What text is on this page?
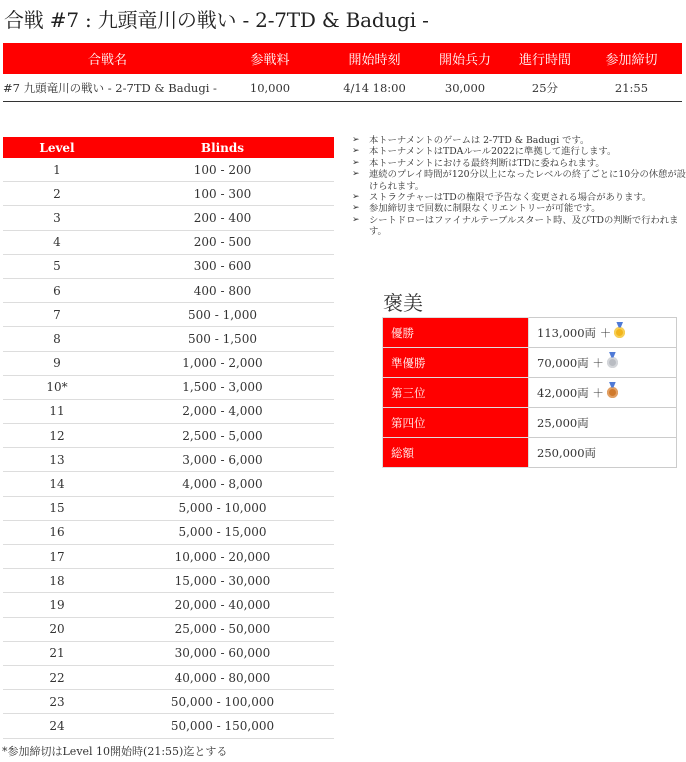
合戦 #7 : 九頭竜川の戦い - 2-7TD & Badugi -
合戦名	参戦料	開始時刻	開始兵力	進行時間	参加締切
#7 九頭竜川の戦い - 2-7TD & Badugi -	10,000	4/14 18:00	30,000	25分	21:55
Level	Blinds
1	100 - 200
2	100 - 300
3	200 - 400
4	200 - 500
5	300 - 600
6	400 - 800
7	500 - 1,000
8	500 - 1,500
9	1,000 - 2,000
10*	1,500 - 3,000
11	2,000 - 4,000
12	2,500 - 5,000
13	3,000 - 6,000
14	4,000 - 8,000
15	5,000 - 10,000
16	5,000 - 15,000
17	10,000 - 20,000
18	15,000 - 30,000
19	20,000 - 40,000
20	25,000 - 50,000
21	30,000 - 60,000
22	40,000 - 80,000
23	50,000 - 100,000
24	50,000 - 150,000
*参加締切はLevel 10開始時(21:55)迄とする
➢ 本トーナメントのゲームは 2-7TD & Badugi です。
➢ 本トーナメントはTDAルール2022に準拠して進行します。
➢ 本トーナメントにおける最終判断はTDに委ねられます。
➢ 連続のプレイ時間が120分以上になったレベルの終了ごとに10分の休憩が設けられます。
➢ ストラクチャーはTDの権限で予告なく変更される場合があります。
➢ 参加締切まで回数に制限なくリエントリーが可能です。
➢ シートドローはファイナルテーブルスタート時、及びTDの判断で行われます。
褒美
優勝	113,000両 ＋
準優勝	70,000両 ＋
第三位	42,000両 ＋
第四位	25,000両
総額	250,000両
